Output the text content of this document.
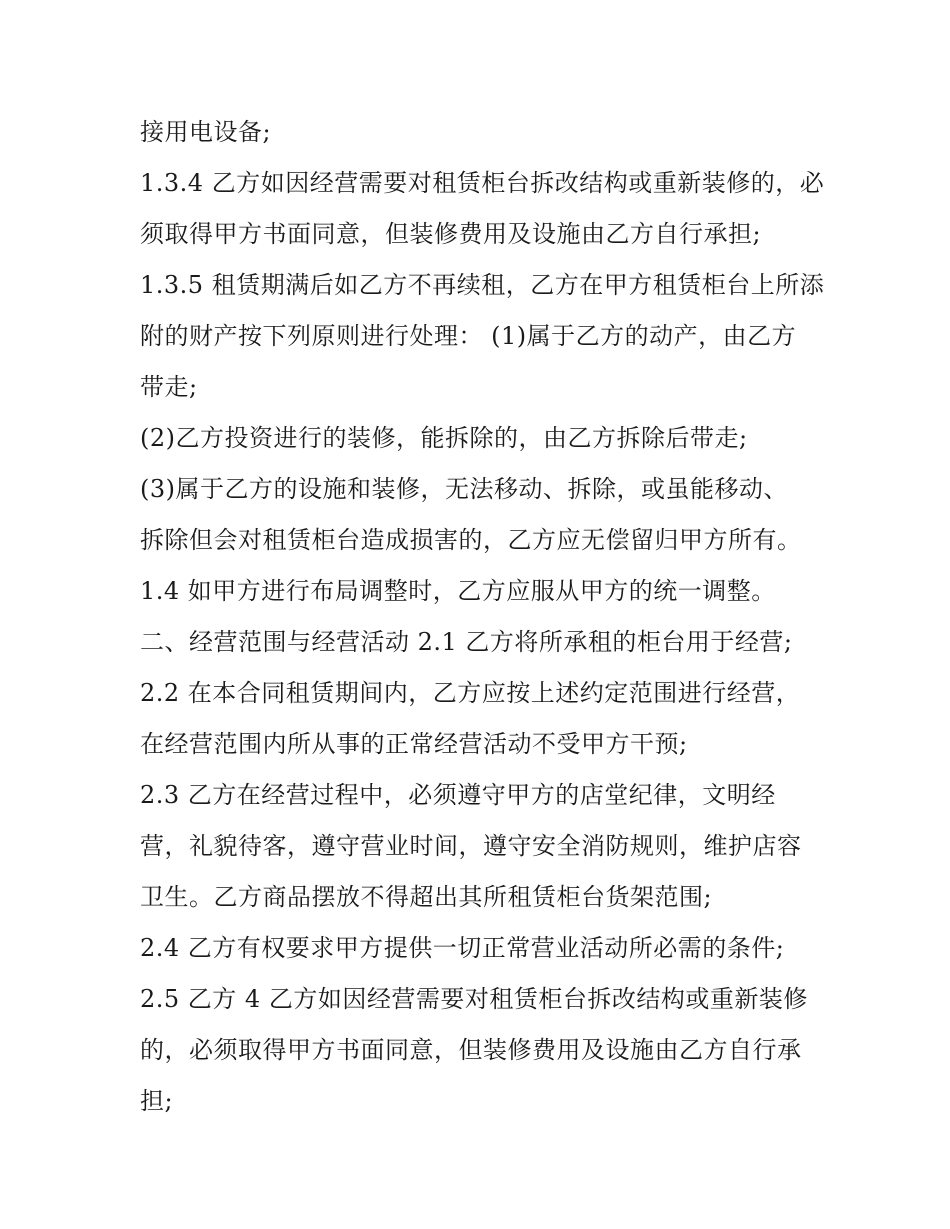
接用电设备;
1.3.4 乙方如因经营需要对租赁柜台拆改结构或重新装修的，必
须取得甲方书面同意，但装修费用及设施由乙方自行承担;
1.3.5 租赁期满后如乙方不再续租，乙方在甲方租赁柜台上所添
附的财产按下列原则进行处理： (1)属于乙方的动产，由乙方
带走;
(2)乙方投资进行的装修，能拆除的，由乙方拆除后带走;
(3)属于乙方的设施和装修，无法移动、拆除，或虽能移动、
拆除但会对租赁柜台造成损害的，乙方应无偿留归甲方所有。
1.4 如甲方进行布局调整时，乙方应服从甲方的统一调整。
二、经营范围与经营活动 2.1 乙方将所承租的柜台用于经营;
2.2 在本合同租赁期间内，乙方应按上述约定范围进行经营，
在经营范围内所从事的正常经营活动不受甲方干预;
2.3 乙方在经营过程中，必须遵守甲方的店堂纪律，文明经
营，礼貌待客，遵守营业时间，遵守安全消防规则，维护店容
卫生。乙方商品摆放不得超出其所租赁柜台货架范围;
2.4 乙方有权要求甲方提供一切正常营业活动所必需的条件;
2.5 乙方 4 乙方如因经营需要对租赁柜台拆改结构或重新装修
的，必须取得甲方书面同意，但装修费用及设施由乙方自行承
担;
